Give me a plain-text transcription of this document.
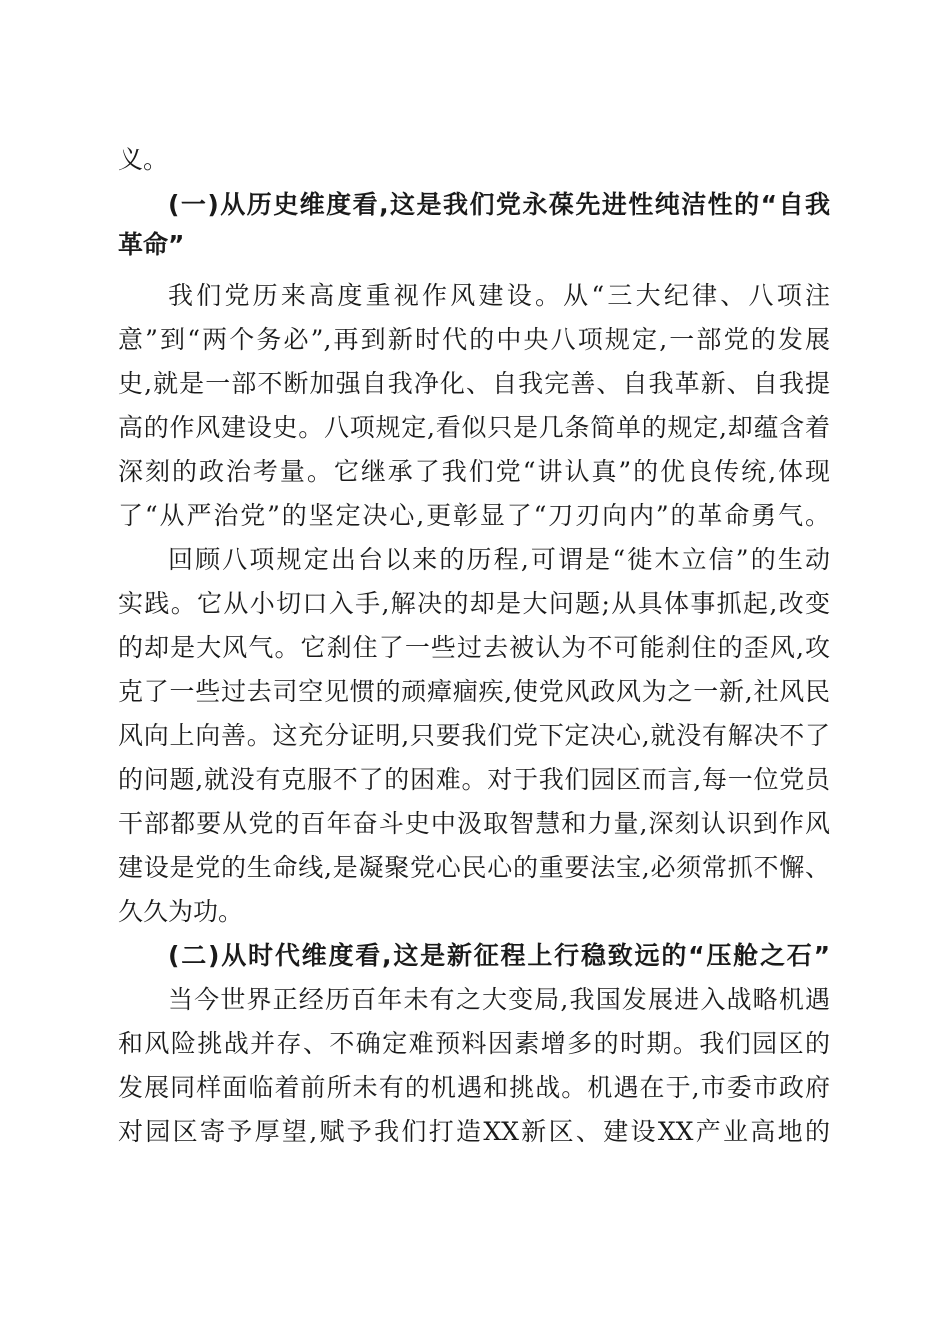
义。
(一)从历史维度看,这是我们党永葆先进性纯洁性的“自我
革命”
我们党历来高度重视作风建设。从“三大纪律、八项注
意”到“两个务必”,再到新时代的中央八项规定,一部党的发展
史,就是一部不断加强自我净化、自我完善、自我革新、自我提
高的作风建设史。八项规定,看似只是几条简单的规定,却蕴含着
深刻的政治考量。它继承了我们党“讲认真”的优良传统,体现
了“从严治党”的坚定决心,更彰显了“刀刃向内”的革命勇气。
回顾八项规定出台以来的历程,可谓是“徙木立信”的生动
实践。它从小切口入手,解决的却是大问题;从具体事抓起,改变
的却是大风气。它刹住了一些过去被认为不可能刹住的歪风,攻
克了一些过去司空见惯的顽瘴痼疾,使党风政风为之一新,社风民
风向上向善。这充分证明,只要我们党下定决心,就没有解决不了
的问题,就没有克服不了的困难。对于我们园区而言,每一位党员
干部都要从党的百年奋斗史中汲取智慧和力量,深刻认识到作风
建设是党的生命线,是凝聚党心民心的重要法宝,必须常抓不懈、
久久为功。
(二)从时代维度看,这是新征程上行稳致远的“压舱之石”
当今世界正经历百年未有之大变局,我国发展进入战略机遇
和风险挑战并存、不确定难预料因素增多的时期。我们园区的
发展同样面临着前所未有的机遇和挑战。机遇在于,市委市政府
对园区寄予厚望,赋予我们打造XX新区、建设XX产业高地的
